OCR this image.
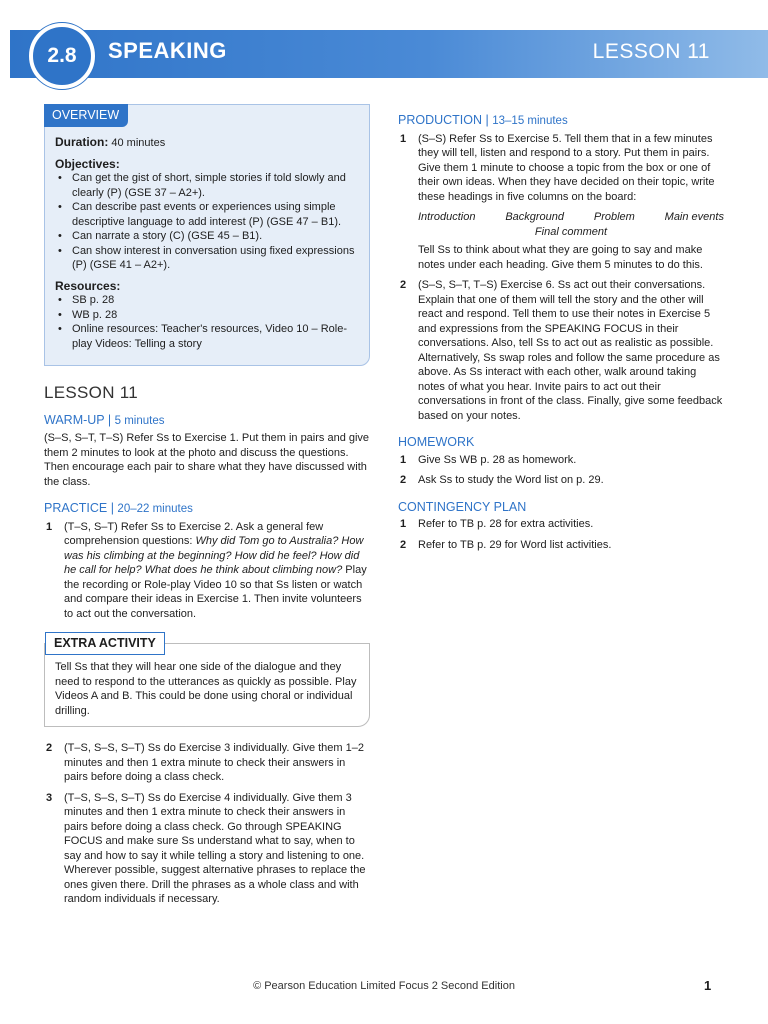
2.8	SPEAKING	LESSON 11
OVERVIEW

Duration: 40 minutes

Objectives:
• Can get the gist of short, simple stories if told slowly and clearly (P) (GSE 37 – A2+).
• Can describe past events or experiences using simple descriptive language to add interest (P) (GSE 47 – B1).
• Can narrate a story (C) (GSE 45 – B1).
• Can show interest in conversation using fixed expressions (P) (GSE 41 – A2+).
Resources:
• SB p. 28
• WB p. 28
• Online resources: Teacher's resources, Video 10 – Role-play Videos: Telling a story
LESSON 11
WARM-UP | 5 minutes

(S–S, S–T, T–S) Refer Ss to Exercise 1. Put them in pairs and give them 2 minutes to look at the photo and discuss the questions. Then encourage each pair to share what they have discussed with the class.

PRACTICE | 20–22 minutes
1 (T–S, S–T) Refer Ss to Exercise 2. Ask a general few comprehension questions: Why did Tom go to Australia? How was his climbing at the beginning? How did he feel? How did he call for help? What does he think about climbing now? Play the recording or Role-play Video 10 so that Ss listen or watch and compare their ideas in Exercise 1. Then invite volunteers to act out the conversation.
EXTRA ACTIVITY

Tell Ss that they will hear one side of the dialogue and they need to respond to the utterances as quickly as possible. Play Videos A and B. This could be done using choral or individual drilling.

2 (T–S, S–S, S–T) Ss do Exercise 3 individually. Give them 1–2 minutes and then 1 extra minute to check their answers in pairs before doing a class check.
3 (T–S, S–S, S–T) Ss do Exercise 4 individually. Give them 3 minutes and then 1 extra minute to check their answers in pairs before doing a class check. Go through SPEAKING FOCUS and make sure Ss understand what to say, when to say and how to say it while telling a story and listening to one. Wherever possible, suggest alternative phrases to replace the ones given there. Drill the phrases as a whole class and with random individuals if necessary.
PRODUCTION | 13–15 minutes
1 (S–S) Refer Ss to Exercise 5. Tell them that in a few minutes they will tell, listen and respond to a story. Put them in pairs. Give them 1 minute to choose a topic from the box or one of their own ideas. When they have decided on their topic, write these headings in five columns on the board:
Introduction	Background	Problem	Main events
Final comment
Tell Ss to think about what they are going to say and make notes under each heading. Give them 5 minutes to do this.
2 (S–S, S–T, T–S) Exercise 6. Ss act out their conversations. Explain that one of them will tell the story and the other will react and respond. Tell them to use their notes in Exercise 5 and expressions from the SPEAKING FOCUS in their conversations. Also, tell Ss to act out as realistic as possible. Alternatively, Ss swap roles and follow the same procedure as above. As Ss interact with each other, walk around taking notes of what you hear. Invite pairs to act out their conversations in front of the class. Finally, give some feedback based on your notes.
HOMEWORK
1 Give Ss WB p. 28 as homework.
2 Ask Ss to study the Word list on p. 29.
CONTINGENCY PLAN
1 Refer to TB p. 28 for extra activities.
2 Refer to TB p. 29 for Word list activities.
© Pearson Education Limited Focus 2 Second Edition	1
